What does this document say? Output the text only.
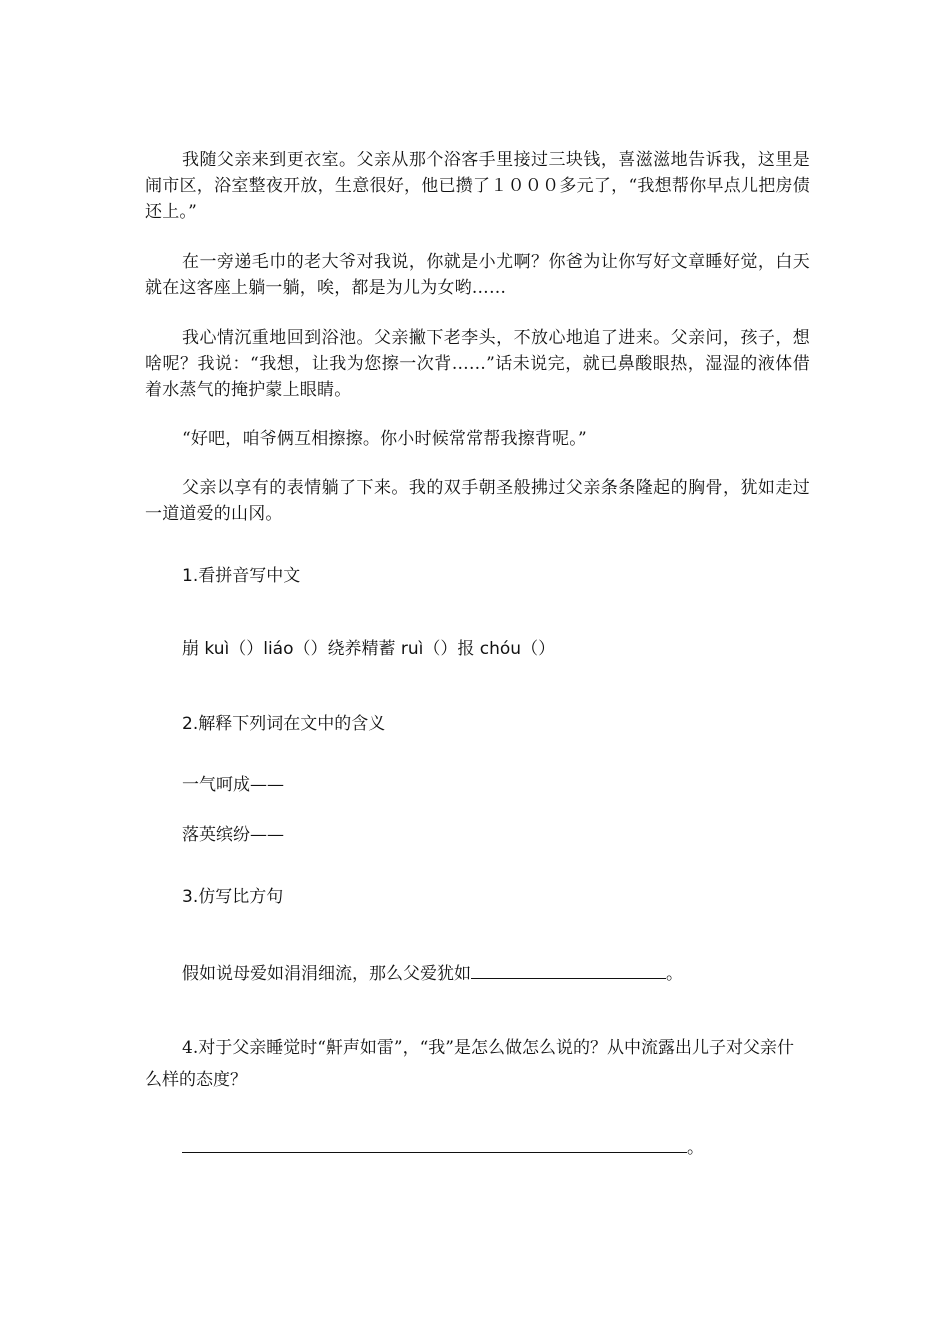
我随父亲来到更衣室。父亲从那个浴客手里接过三块钱，喜滋滋地告诉我，这里是闹市区，浴室整夜开放，生意很好，他已攒了１０００多元了，“我想帮你早点儿把房债还上。”

在一旁递毛巾的老大爷对我说，你就是小尤啊？你爸为让你写好文章睡好觉，白天就在这客座上躺一躺，唉，都是为儿为女哟……

我心情沉重地回到浴池。父亲撇下老李头，不放心地追了进来。父亲问，孩子，想啥呢？我说：“我想，让我为您擦一次背……”话未说完，就已鼻酸眼热，湿湿的液体借着水蒸气的掩护蒙上眼睛。

“好吧，咱爷俩互相擦擦。你小时候常常帮我擦背呢。”

父亲以享有的表情躺了下来。我的双手朝圣般拂过父亲条条隆起的胸骨，犹如走过一道道爱的山冈。

1.看拼音写中文

崩 kuì（）liáo（）绕养精蓄 ruì（）报 chóu（）

2.解释下列词在文中的含义

一气呵成——

落英缤纷——

3.仿写比方句

假如说母爱如涓涓细流，那么父爱犹如	。

4.对于父亲睡觉时“鼾声如雷”，“我”是怎么做怎么说的？从中流露出儿子对父亲什么样的态度？

。
